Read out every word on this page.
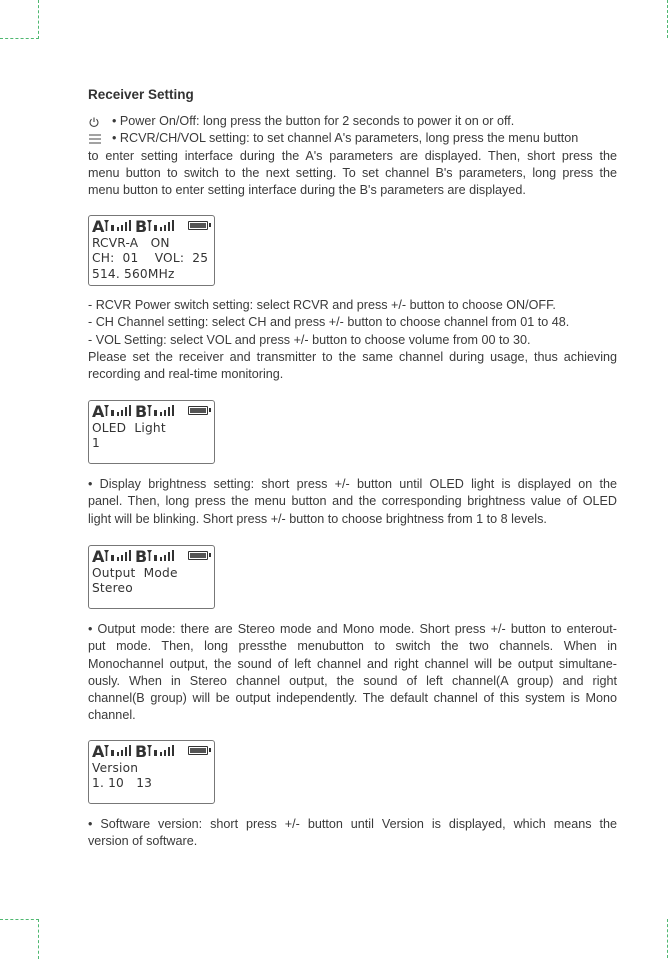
Receiver Setting
• Power On/Off: long press the button for 2 seconds to power it on or off.
• RCVR/CH/VOL setting: to set channel A's parameters, long press the menu button
to enter setting interface during the A's parameters are displayed. Then, short press the
menu button to switch to the next setting. To set channel B's parameters, long press the
menu button to enter setting interface during the B's parameters are displayed.
A	B
RCVR-A   ON
CH:  01    VOL:  25
514. 560MHz
- RCVR Power switch setting: select RCVR and press +/- button to choose ON/OFF.
- CH Channel setting: select CH and press +/- button to choose channel from 01 to 48.
- VOL Setting: select VOL and press +/- button to choose volume from 00 to 30.
Please set the receiver and transmitter to the same channel during usage, thus achieving
recording and real-time monitoring.
A	B
OLED  Light
1
• Display brightness setting: short press +/- button until OLED light is displayed on the
panel. Then, long press the menu button and the corresponding brightness value of OLED
light will be blinking. Short press +/- button to choose brightness from 1 to 8 levels.
A	B
Output  Mode
Stereo
• Output mode: there are Stereo mode and Mono mode. Short press +/- button to enterout-
put mode. Then, long pressthe menubutton to switch the two channels. When in
Monochannel output, the sound of left channel and right channel will be output simultane-
ously. When in Stereo channel output, the sound of left channel(A group) and right
channel(B group) will be output independently. The default channel of this system is Mono
channel.
A	B
Version
1. 10   13
• Software version: short press +/- button until Version is displayed, which means the
version of software.
